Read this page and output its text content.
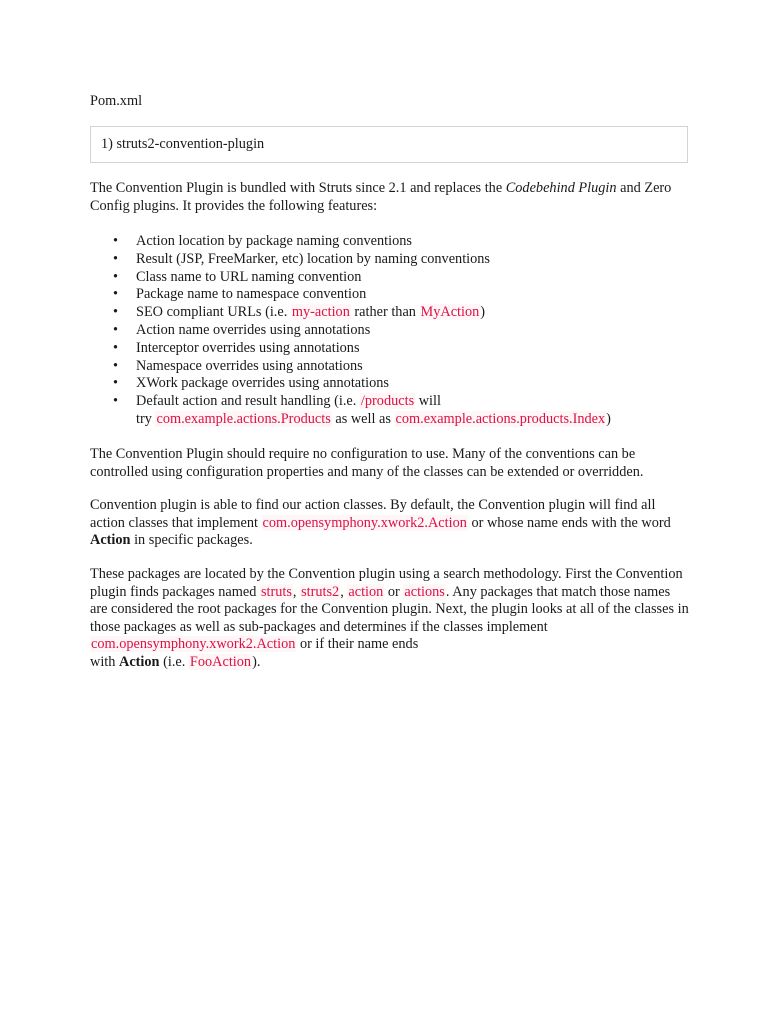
Pom.xml
1) struts2-convention-plugin

The Convention Plugin is bundled with Struts since 2.1 and replaces the Codebehind Plugin and Zero Config plugins. It provides the following features:

• Action location by package naming conventions
• Result (JSP, FreeMarker, etc) location by naming conventions
• Class name to URL naming convention
• Package name to namespace convention
• SEO compliant URLs (i.e. my-action rather than MyAction)
• Action name overrides using annotations
• Interceptor overrides using annotations
• Namespace overrides using annotations
• XWork package overrides using annotations
• Default action and result handling (i.e. /products will
try com.example.actions.Products as well as com.example.actions.products.Index)

The Convention Plugin should require no configuration to use. Many of the conventions can be controlled using configuration properties and many of the classes can be extended or overridden.

Convention plugin is able to find our action classes. By default, the Convention plugin will find all action classes that implement com.opensymphony.xwork2.Action or whose name ends with the word Action in specific packages.

These packages are located by the Convention plugin using a search methodology. First the Convention plugin finds packages named struts, struts2, action or actions. Any packages that match those names are considered the root packages for the Convention plugin. Next, the plugin looks at all of the classes in those packages as well as sub-packages and determines if the classes implement com.opensymphony.xwork2.Action or if their name ends
with Action (i.e. FooAction).
